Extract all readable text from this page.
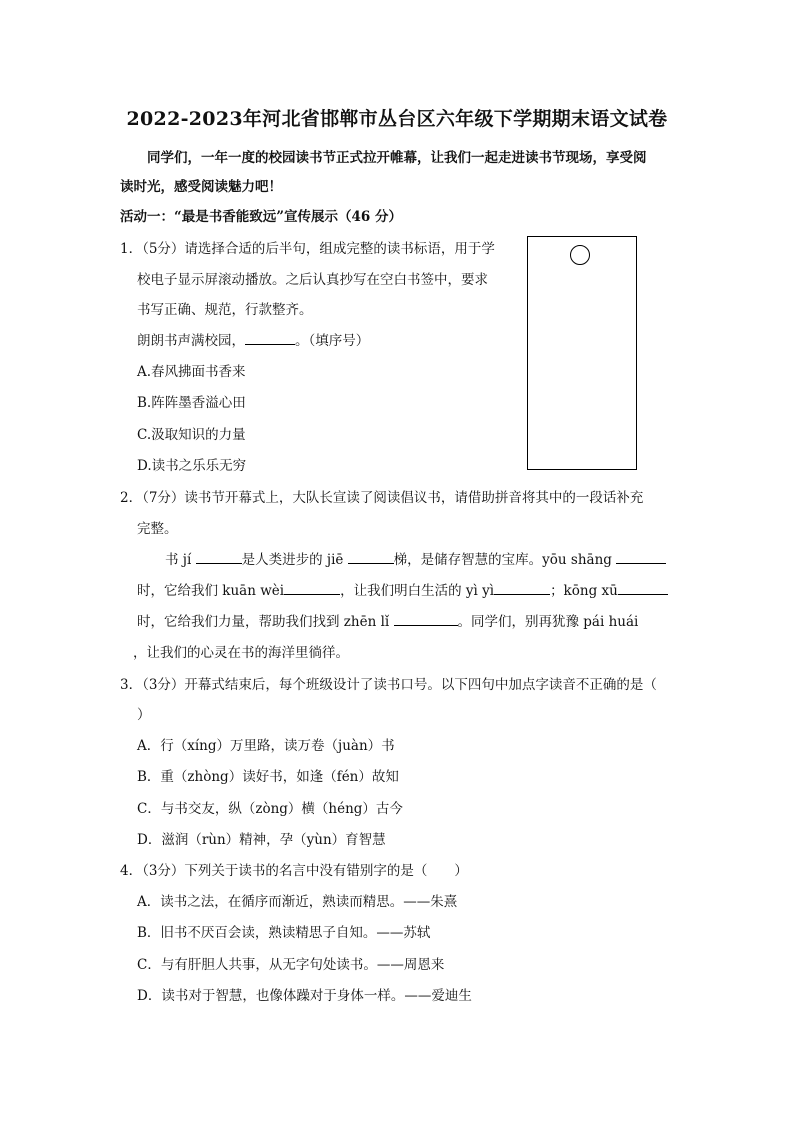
2022-2023年河北省邯郸市丛台区六年级下学期期末语文试卷
同学们，一年一度的校园读书节正式拉开帷幕，让我们一起走进读书节现场，享受阅
读时光，感受阅读魅力吧！
活动一：“最是书香能致远”宣传展示（46 分）
1．（5分）请选择合适的后半句，组成完整的读书标语，用于学
校电子显示屏滚动播放。之后认真抄写在空白书签中，要求
书写正确、规范，行款整齐。
朗朗书声满校园，	。（填序号）
A.春风拂面书香来
B.阵阵墨香溢心田
C.汲取知识的力量
D.读书之乐乐无穷
2．（7分）读书节开幕式上，大队长宣读了阅读倡议书，请借助拼音将其中的一段话补充
完整。
书 jí	是人类进步的 jiē	梯，是储存智慧的宝库。yōu shāng
时，它给我们 kuān wèi	，让我们明白生活的 yì yì	；kōng xū
时，它给我们力量，帮助我们找到 zhēn lǐ	。同学们，别再犹豫 pái huái
，让我们的心灵在书的海洋里徜徉。
3．（3分）开幕式结束后，每个班级设计了读书口号。以下四句中加点字读音不正确的是（
）
A．行（xíng）万里路，读万卷（juàn）书
B．重（zhòng）读好书，如逢（fén）故知
C．与书交友，纵（zòng）横（héng）古今
D．滋润（rùn）精神，孕（yùn）育智慧
4．（3分）下列关于读书的名言中没有错别字的是（　　）
A．读书之法，在循序而渐近，熟读而精思。——朱熹
B．旧书不厌百会读，熟读精思子自知。——苏轼
C．与有肝胆人共事，从无字句处读书。——周恩来
D．读书对于智慧，也像体躁对于身体一样。——爱迪生
